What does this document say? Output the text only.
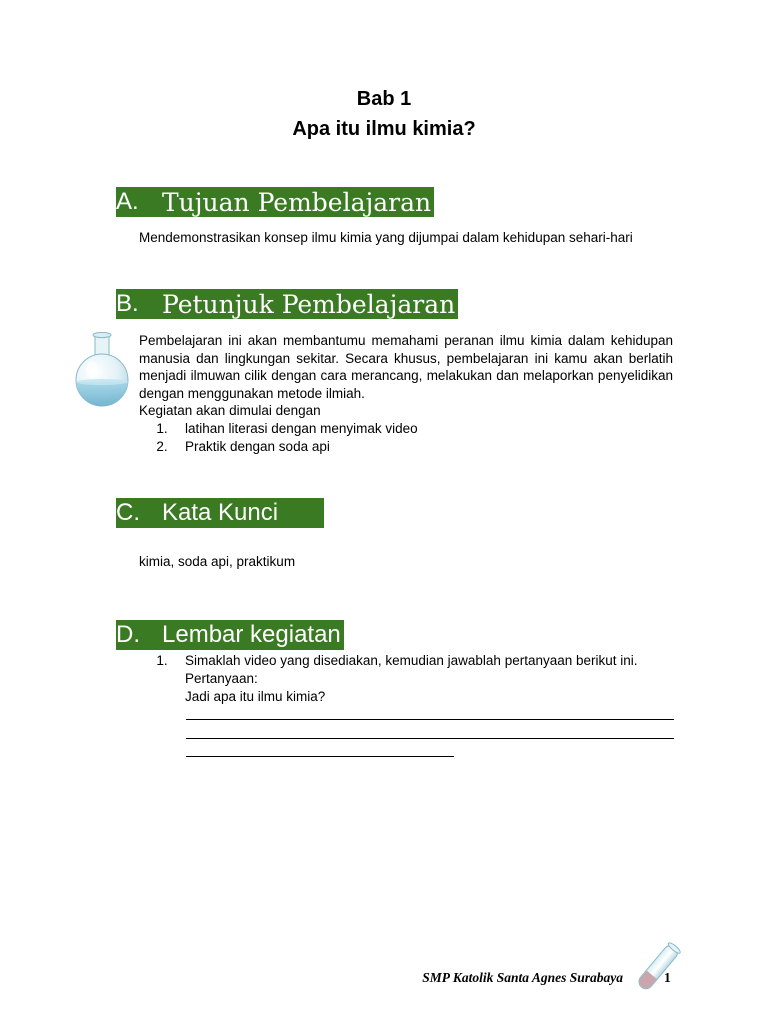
Bab 1
Apa itu ilmu kimia?
A. Tujuan Pembelajaran
Mendemonstrasikan konsep ilmu kimia yang dijumpai dalam kehidupan sehari-hari
B. Petunjuk Pembelajaran
Pembelajaran ini akan membantumu memahami peranan ilmu kimia dalam kehidupan manusia dan lingkungan sekitar. Secara khusus, pembelajaran ini kamu akan berlatih menjadi ilmuwan cilik dengan cara merancang, melakukan dan melaporkan penyelidikan dengan menggunakan metode ilmiah.
Kegiatan akan dimulai dengan
1.	latihan literasi dengan menyimak video
2.	Praktik dengan soda api
C. Kata Kunci
kimia, soda api, praktikum
D. Lembar kegiatan
1.	Simaklah video yang disediakan, kemudian jawablah pertanyaan berikut ini.
Pertanyaan:
Jadi apa itu ilmu kimia?
SMP Katolik Santa Agnes Surabaya	1
